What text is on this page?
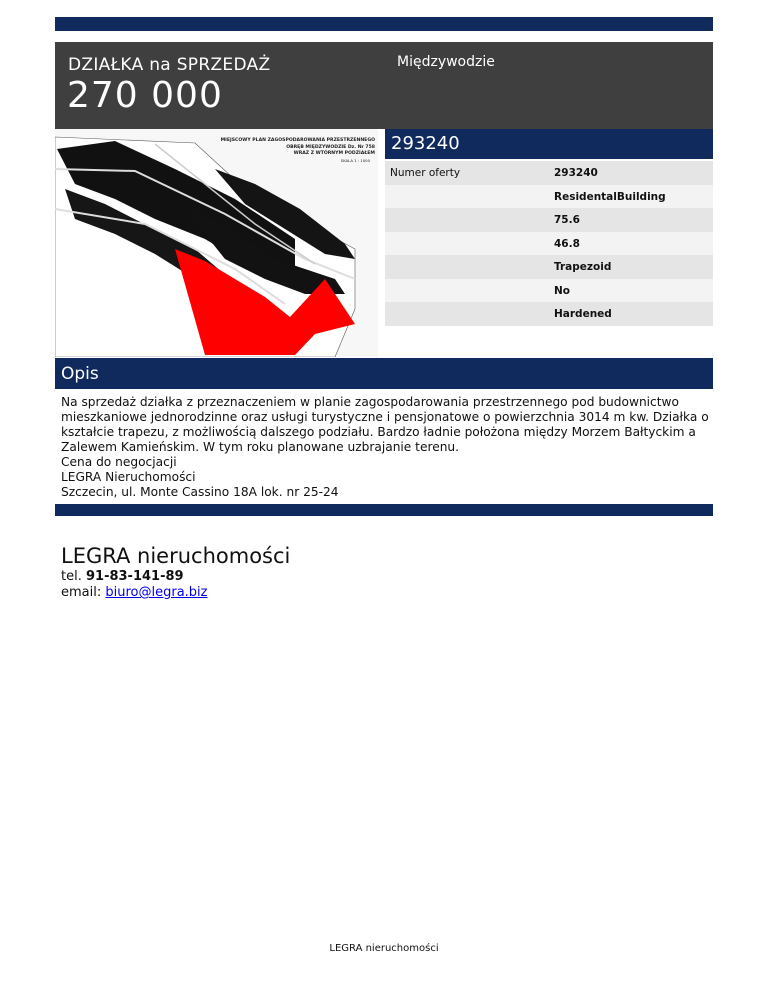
DZIAŁKA na SPRZEDAŻ
270 000
Międzywodzie
MIEJSCOWY PLAN ZAGOSPODAROWANIA PRZESTRZENNEGO
OBRĘB MIĘDZYWODZIE Dz. Nr 758
WRAZ Z WTÓRNYM PODZIAŁEM
SKALA 1 : 1000
293240
Numer oferty	293240
ResidentalBuilding
75.6
46.8
Trapezoid
No
Hardened
Opis

Na sprzedaż działka z przeznaczeniem w planie zagospodarowania przestrzennego pod budownictwo mieszkaniowe jednorodzinne oraz usługi turystyczne i pensjonatowe o powierzchnia 3014 m kw. Działka o kształcie trapezu, z możliwością dalszego podziału. Bardzo ładnie położona między Morzem Bałtyckim a Zalewem Kamieńskim. W tym roku planowane uzbrajanie terenu.

Cena do negocjacji

LEGRA Nieruchomości

Szczecin, ul. Monte Cassino 18A lok. nr 25-24

LEGRA nieruchomości
tel. 91-83-141-89
email: biuro@legra.biz
LEGRA nieruchomości
